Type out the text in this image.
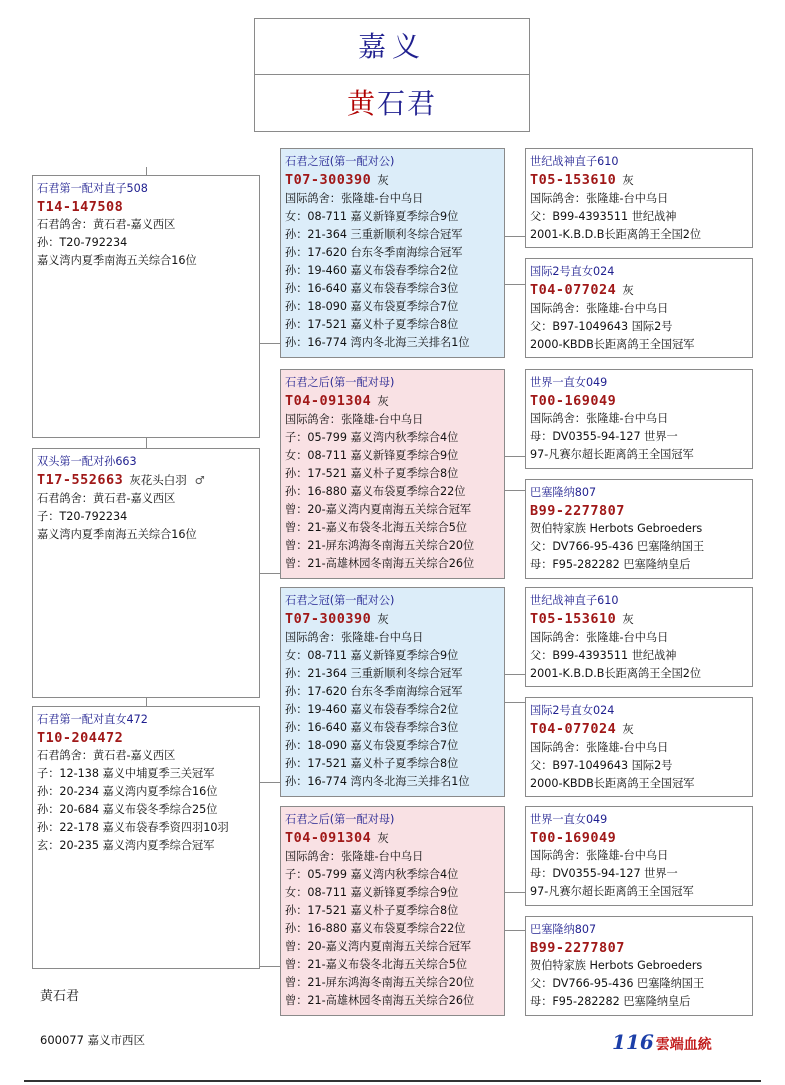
嘉义
黄石君
石君第一配对直子508
T14-147508
石君鸽舍：黄石君-嘉义西区
孙：T20-792234
嘉义湾内夏季南海五关综合16位
双头第一配对孙663
T17-552663 灰花头白羽 ♂
石君鸽舍：黄石君-嘉义西区
子：T20-792234
嘉义湾内夏季南海五关综合16位
石君第一配对直女472
T10-204472
石君鸽舍：黄石君-嘉义西区
子：12-138 嘉义中埔夏季三关冠军
孙：20-234 嘉义湾内夏季综合16位
孙：20-684 嘉义布袋冬季综合25位
孙：22-178 嘉义布袋春季资四羽10羽
玄：20-235 嘉义湾内夏季综合冠军
石君之冠(第一配对公)
T07-300390 灰
国际鸽舍：张隆雄-台中乌日
女：08-711 嘉义新锋夏季综合9位
孙：21-364 三重新顺利冬综合冠军
孙：17-620 台东冬季南海综合冠军
孙：19-460 嘉义布袋春季综合2位
孙：16-640 嘉义布袋春季综合3位
孙：18-090 嘉义布袋夏季综合7位
孙：17-521 嘉义朴子夏季综合8位
孙：16-774 湾内冬北海三关排名1位
石君之后(第一配对母)
T04-091304 灰
国际鸽舍：张隆雄-台中乌日
子：05-799 嘉义湾内秋季综合4位
女：08-711 嘉义新锋夏季综合9位
孙：17-521 嘉义朴子夏季综合8位
孙：16-880 嘉义布袋夏季综合22位
曾：20-嘉义湾内夏南海五关综合冠军
曾：21-嘉义布袋冬北海五关综合5位
曾：21-屏东鸿海冬南海五关综合20位
曾：21-高雄林园冬南海五关综合26位
石君之冠(第一配对公)
T07-300390 灰
国际鸽舍：张隆雄-台中乌日
女：08-711 嘉义新锋夏季综合9位
孙：21-364 三重新顺利冬综合冠军
孙：17-620 台东冬季南海综合冠军
孙：19-460 嘉义布袋春季综合2位
孙：16-640 嘉义布袋春季综合3位
孙：18-090 嘉义布袋夏季综合7位
孙：17-521 嘉义朴子夏季综合8位
孙：16-774 湾内冬北海三关排名1位
石君之后(第一配对母)
T04-091304 灰
国际鸽舍：张隆雄-台中乌日
子：05-799 嘉义湾内秋季综合4位
女：08-711 嘉义新锋夏季综合9位
孙：17-521 嘉义朴子夏季综合8位
孙：16-880 嘉义布袋夏季综合22位
曾：20-嘉义湾内夏南海五关综合冠军
曾：21-嘉义布袋冬北海五关综合5位
曾：21-屏东鸿海冬南海五关综合20位
曾：21-高雄林园冬南海五关综合26位
世纪战神直子610
T05-153610 灰
国际鸽舍：张隆雄-台中乌日
父：B99-4393511 世纪战神
2001-K.B.D.B长距离鸽王全国2位
国际2号直女024
T04-077024 灰
国际鸽舍：张隆雄-台中乌日
父：B97-1049643 国际2号
2000-KBDB长距离鸽王全国冠军
世界一直女049
T00-169049
国际鸽舍：张隆雄-台中乌日
母：DV0355-94-127 世界一
97-凡赛尔超长距离鸽王全国冠军
巴塞隆纳807
B99-2277807
贺伯特家族 Herbots Gebroeders
父：DV766-95-436 巴塞隆纳国王
母：F95-282282 巴塞隆纳皇后
世纪战神直子610
T05-153610 灰
国际鸽舍：张隆雄-台中乌日
父：B99-4393511 世纪战神
2001-K.B.D.B长距离鸽王全国2位
国际2号直女024
T04-077024 灰
国际鸽舍：张隆雄-台中乌日
父：B97-1049643 国际2号
2000-KBDB长距离鸽王全国冠军
世界一直女049
T00-169049
国际鸽舍：张隆雄-台中乌日
母：DV0355-94-127 世界一
97-凡赛尔超长距离鸽王全国冠军
巴塞隆纳807
B99-2277807
贺伯特家族 Herbots Gebroeders
父：DV766-95-436 巴塞隆纳国王
母：F95-282282 巴塞隆纳皇后
黄石君
600077 嘉义市西区	116 雲端血統
